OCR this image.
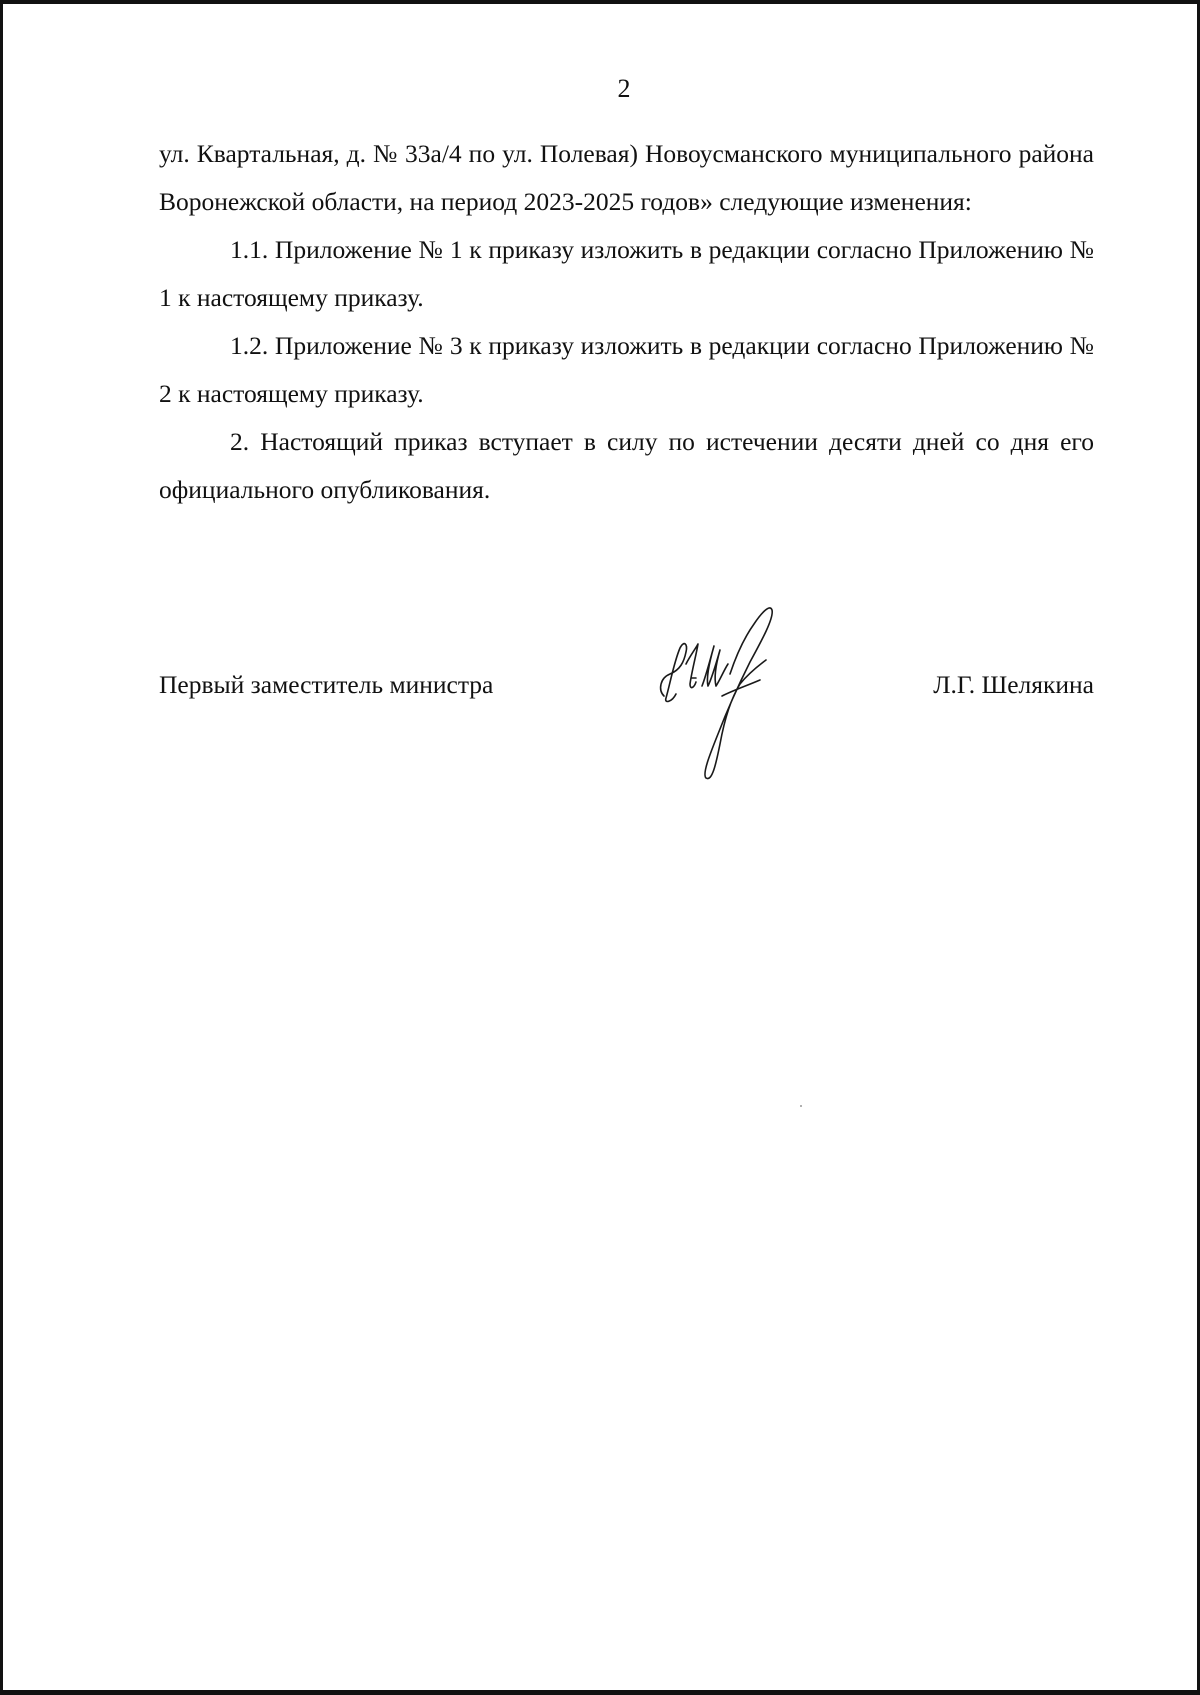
2

ул. Квартальная, д. № 33а/4 по ул. Полевая) Новоусманского муниципального района Воронежской области, на период 2023-2025 годов» следующие изменения:

1.1. Приложение № 1 к приказу изложить в редакции согласно Приложению № 1 к настоящему приказу.

1.2. Приложение № 3 к приказу изложить в редакции согласно Приложению № 2 к настоящему приказу.

2. Настоящий приказ вступает в силу по истечении десяти дней со дня его официального опубликования.

Первый заместитель министра	Л.Г. Шелякина
